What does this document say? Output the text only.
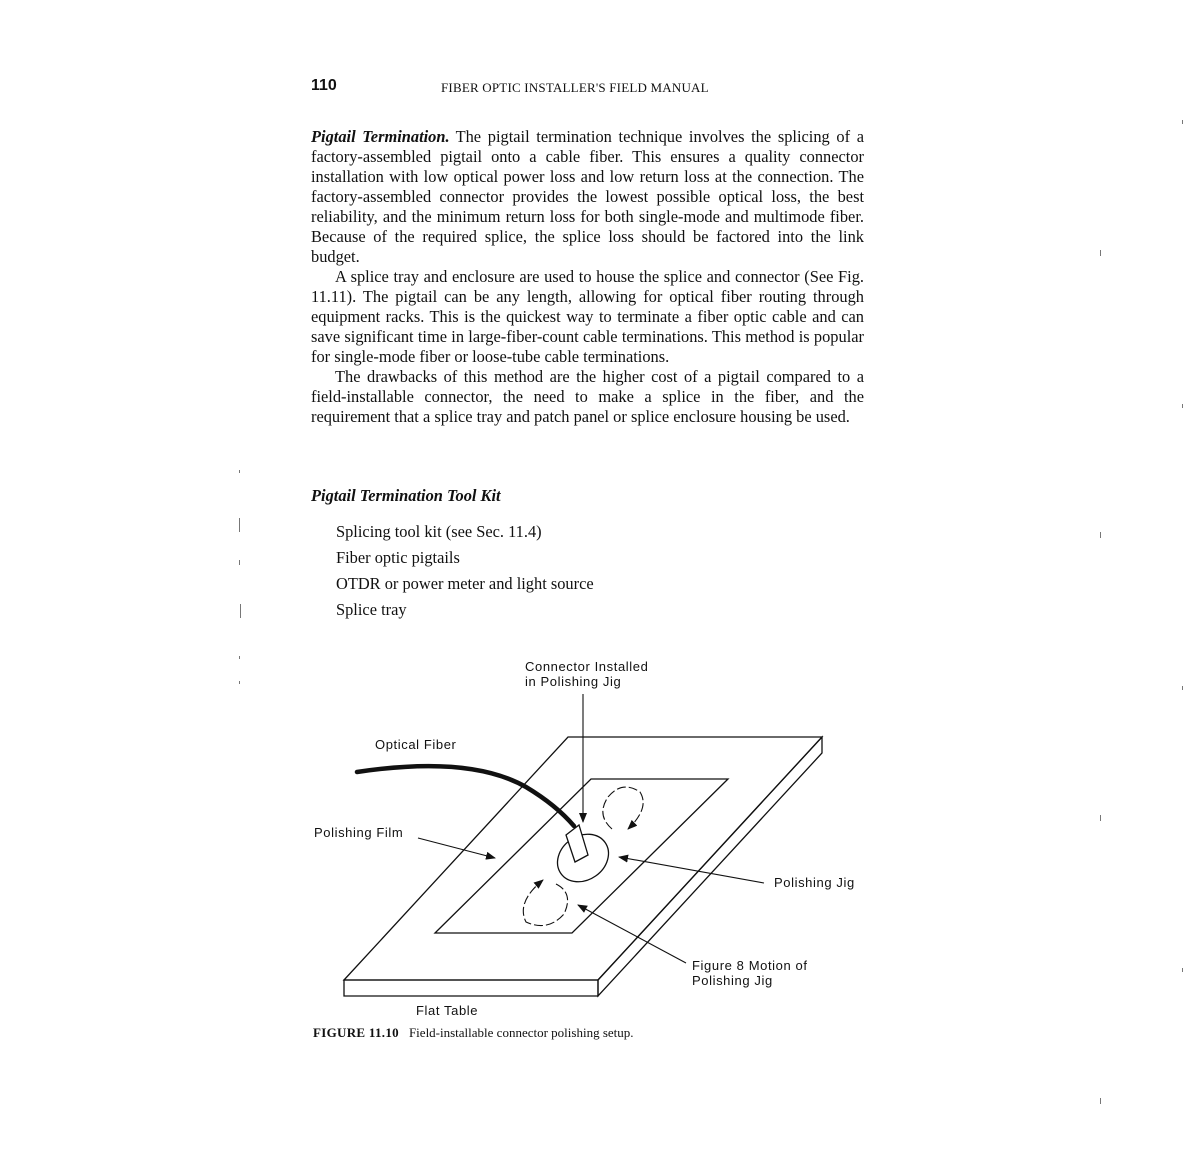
110	FIBER OPTIC INSTALLER'S FIELD MANUAL

Pigtail Termination. The pigtail termination technique involves the splicing of a factory-assembled pigtail onto a cable fiber. This ensures a quality connector installation with low optical power loss and low return loss at the connection. The factory-assembled connector provides the lowest possible optical loss, the best reliability, and the minimum return loss for both single-mode and multimode fiber. Because of the required splice, the splice loss should be factored into the link budget.

A splice tray and enclosure are used to house the splice and connector (See Fig. 11.11). The pigtail can be any length, allowing for optical fiber routing through equipment racks. This is the quickest way to terminate a fiber optic cable and can save significant time in large-fiber-count cable terminations. This method is popular for single-mode fiber or loose-tube cable terminations.

The drawbacks of this method are the higher cost of a pigtail compared to a field-installable connector, the need to make a splice in the fiber, and the requirement that a splice tray and patch panel or splice enclosure housing be used.

Pigtail Termination Tool Kit
Splicing tool kit (see Sec. 11.4)
Fiber optic pigtails
OTDR or power meter and light source
Splice tray
Connector Installed
in Polishing Jig
Optical Fiber
Polishing Film
Polishing Jig
Figure 8 Motion of
Polishing Jig
Flat Table
FIGURE 11.10 Field-installable connector polishing setup.
